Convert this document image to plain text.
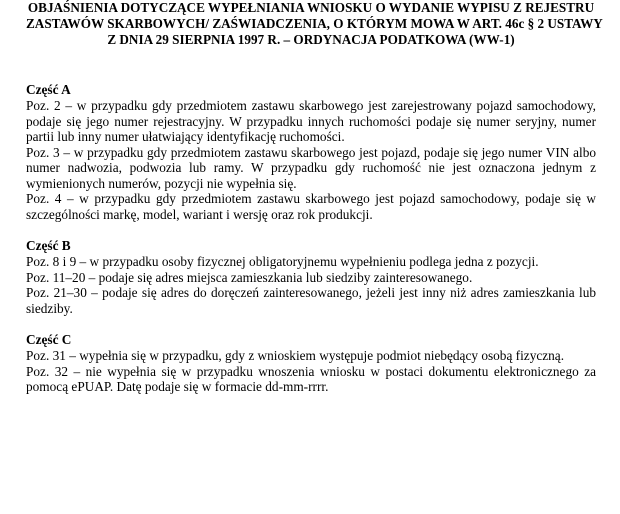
OBJAŚNIENIA DOTYCZĄCE WYPEŁNIANIA WNIOSKU O WYDANIE WYPISU Z REJESTRU
ZASTAWÓW SKARBOWYCH/ ZAŚWIADCZENIA, O KTÓRYM MOWA W ART. 46c § 2 USTAWY
Z DNIA 29 SIERPNIA 1997 R. – ORDYNACJA PODATKOWA (WW-1)

Część A

Poz. 2 – w przypadku gdy przedmiotem zastawu skarbowego jest zarejestrowany pojazd samochodowy, podaje się jego numer rejestracyjny. W przypadku innych ruchomości podaje się numer seryjny, numer partii lub inny numer ułatwiający identyfikację ruchomości.

Poz. 3 – w przypadku gdy przedmiotem zastawu skarbowego jest pojazd, podaje się jego numer VIN albo numer nadwozia, podwozia lub ramy. W przypadku gdy ruchomość nie jest oznaczona jednym z wymienionych numerów, pozycji nie wypełnia się.

Poz. 4 – w przypadku gdy przedmiotem zastawu skarbowego jest pojazd samochodowy, podaje się w szczególności markę, model, wariant i wersję oraz rok produkcji.

Część B

Poz. 8 i 9 – w przypadku osoby fizycznej obligatoryjnemu wypełnieniu podlega jedna z pozycji.

Poz. 11–20 – podaje się adres miejsca zamieszkania lub siedziby zainteresowanego.

Poz. 21–30 – podaje się adres do doręczeń zainteresowanego, jeżeli jest inny niż adres zamieszkania lub siedziby.

Część C

Poz. 31 – wypełnia się w przypadku, gdy z wnioskiem występuje podmiot niebędący osobą fizyczną.

Poz. 32 – nie wypełnia się w przypadku wnoszenia wniosku w postaci dokumentu elektronicznego za pomocą ePUAP. Datę podaje się w formacie dd-mm-rrrr.
